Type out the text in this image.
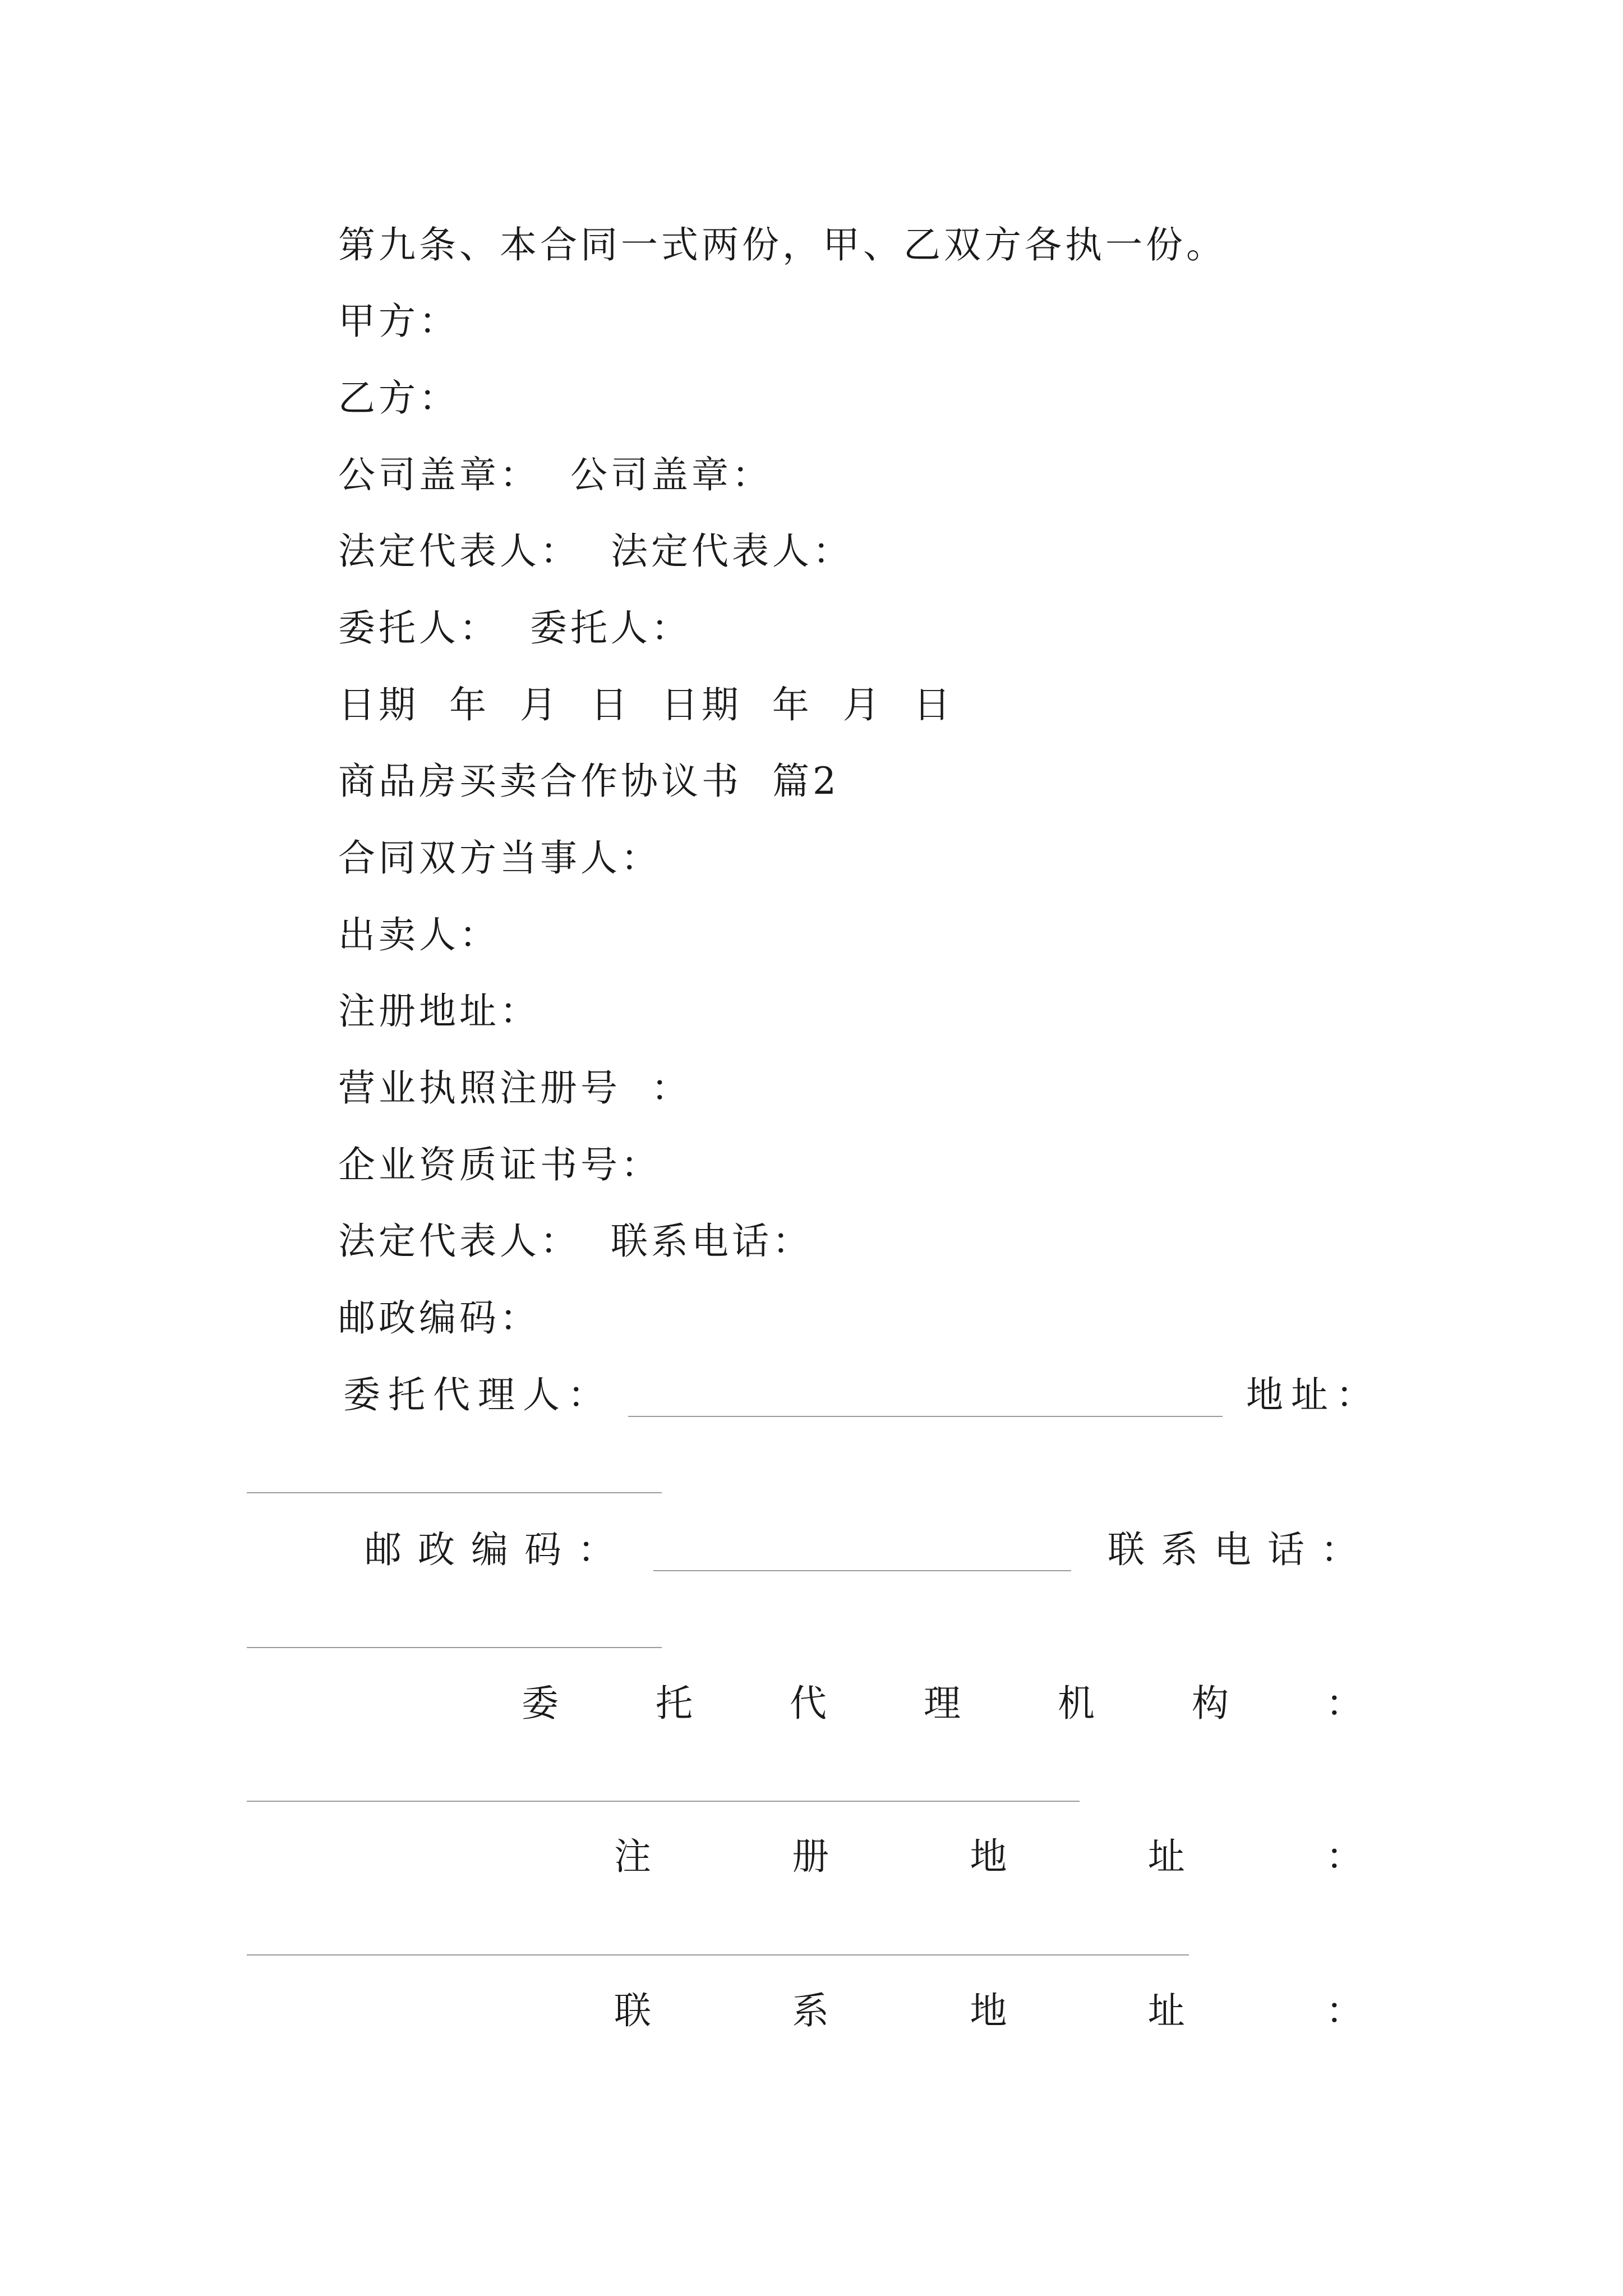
第九条、本合同一式两份，甲、乙双方各执一份。
甲方：
乙方：
公司盖章：  公司盖章：
法定代表人：  法定代表人：
委托人：  委托人：
日期  年  月  日  日期  年  月  日
商品房买卖合作协议书  篇2
合同双方当事人：
出卖人：
注册地址：
营业执照注册号  ：
企业资质证书号：
法定代表人：  联系电话：
邮政编码：
委托代理人：	地址：
邮 政 编 码 ：	联 系 电 话 ：
委	托	代	理	机	构	：
注	册	地	址	：
联	系	地	址	：
